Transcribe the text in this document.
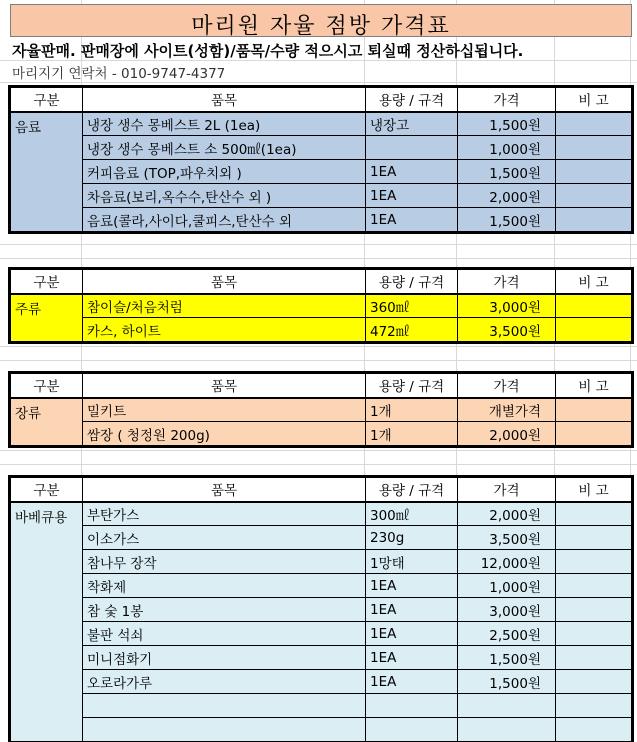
마리원 자율 점방 가격표
자율판매. 판매장에 사이트(성함)/품목/수량 적으시고 퇴실때 정산하십됩니다.
마리지기 연락처 - 010-9747-4377
구분	품목	용량 / 규격	가격	비 고
음료	냉장 생수 몽베스트 2L (1ea)	냉장고	1,500원	
	냉장 생수 몽베스트 소 500㎖(1ea)		1,000원	
	커피음료 (TOP,파우치외 )	1EA	1,500원	
	차음료(보리,옥수수,탄산수 외 )	1EA	2,000원	
	음료(콜라,사이다,쿨피스,탄산수 외	1EA	1,500원	
구분	품목	용량 / 규격	가격	비 고
주류	참이슬/처음처럼	360㎖	3,000원	
	카스, 하이트	472㎖	3,500원	
구분	품목	용량 / 규격	가격	비 고
장류	밀키트	1개	개별가격	
	쌈장 ( 청정원 200g)	1개	2,000원	
구분	품목	용량 / 규격	가격	비 고
바베큐용	부탄가스	300㎖	2,000원	
	이소가스	230g	3,500원	
	참나무 장작	1망태	12,000원	
	착화제	1EA	1,000원	
	참 숯 1봉	1EA	3,000원	
	불판 석쇠	1EA	2,500원	
	미니점화기	1EA	1,500원	
	오로라가루	1EA	1,500원	
